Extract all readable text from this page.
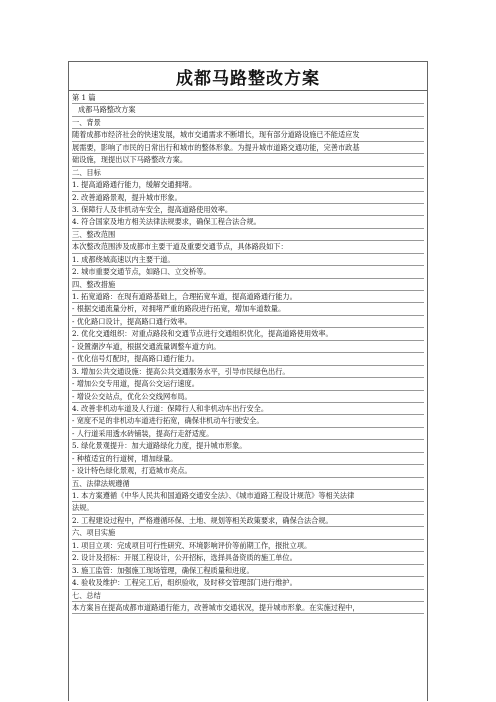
成都马路整改方案
第 1 篇
成都马路整改方案
一、背景
随着成都市经济社会的快速发展，城市交通需求不断增长，现有部分道路设施已不能适应发
展需要，影响了市民的日常出行和城市的整体形象。为提升城市道路交通功能，完善市政基
础设施，现提出以下马路整改方案。
二、目标
1. 提高道路通行能力，缓解交通拥堵。
2. 改善道路景观，提升城市形象。
3. 保障行人及非机动车安全，提高道路使用效率。
4. 符合国家及地方相关法律法规要求，确保工程合法合规。
三、整改范围
本次整改范围涉及成都市主要干道及重要交通节点，具体路段如下：
1. 成都绕城高速以内主要干道。
2. 城市重要交通节点，如路口、立交桥等。
四、整改措施
1. 拓宽道路：在现有道路基础上，合理拓宽车道，提高道路通行能力。
- 根据交通流量分析，对拥堵严重的路段进行拓宽，增加车道数量。
- 优化路口设计，提高路口通行效率。
2. 优化交通组织：对重点路段和交通节点进行交通组织优化，提高道路使用效率。
- 设置潮汐车道，根据交通流量调整车道方向。
- 优化信号灯配时，提高路口通行能力。
3. 增加公共交通设施：提高公共交通服务水平，引导市民绿色出行。
- 增加公交专用道，提高公交运行速度。
- 增设公交站点，优化公交线网布局。
4. 改善非机动车道及人行道：保障行人和非机动车出行安全。
- 宽度不足的非机动车道进行拓宽，确保非机动车行驶安全。
- 人行道采用透水砖铺装，提高行走舒适度。
5. 绿化景观提升：加大道路绿化力度，提升城市形象。
- 种植适宜的行道树，增加绿量。
- 设计特色绿化景观，打造城市亮点。
五、法律法规遵循
1. 本方案遵循《中华人民共和国道路交通安全法》、《城市道路工程设计规范》等相关法律
法规。
2. 工程建设过程中，严格遵循环保、土地、规划等相关政策要求，确保合法合规。
六、项目实施
1. 项目立项：完成项目可行性研究、环境影响评价等前期工作，报批立项。
2. 设计及招标：开展工程设计，公开招标，选择具备资质的施工单位。
3. 施工监管：加强施工现场管理，确保工程质量和进度。
4. 验收及维护：工程完工后，组织验收，及时移交管理部门进行维护。
七、总结
本方案旨在提高成都市道路通行能力，改善城市交通状况，提升城市形象。在实施过程中，
